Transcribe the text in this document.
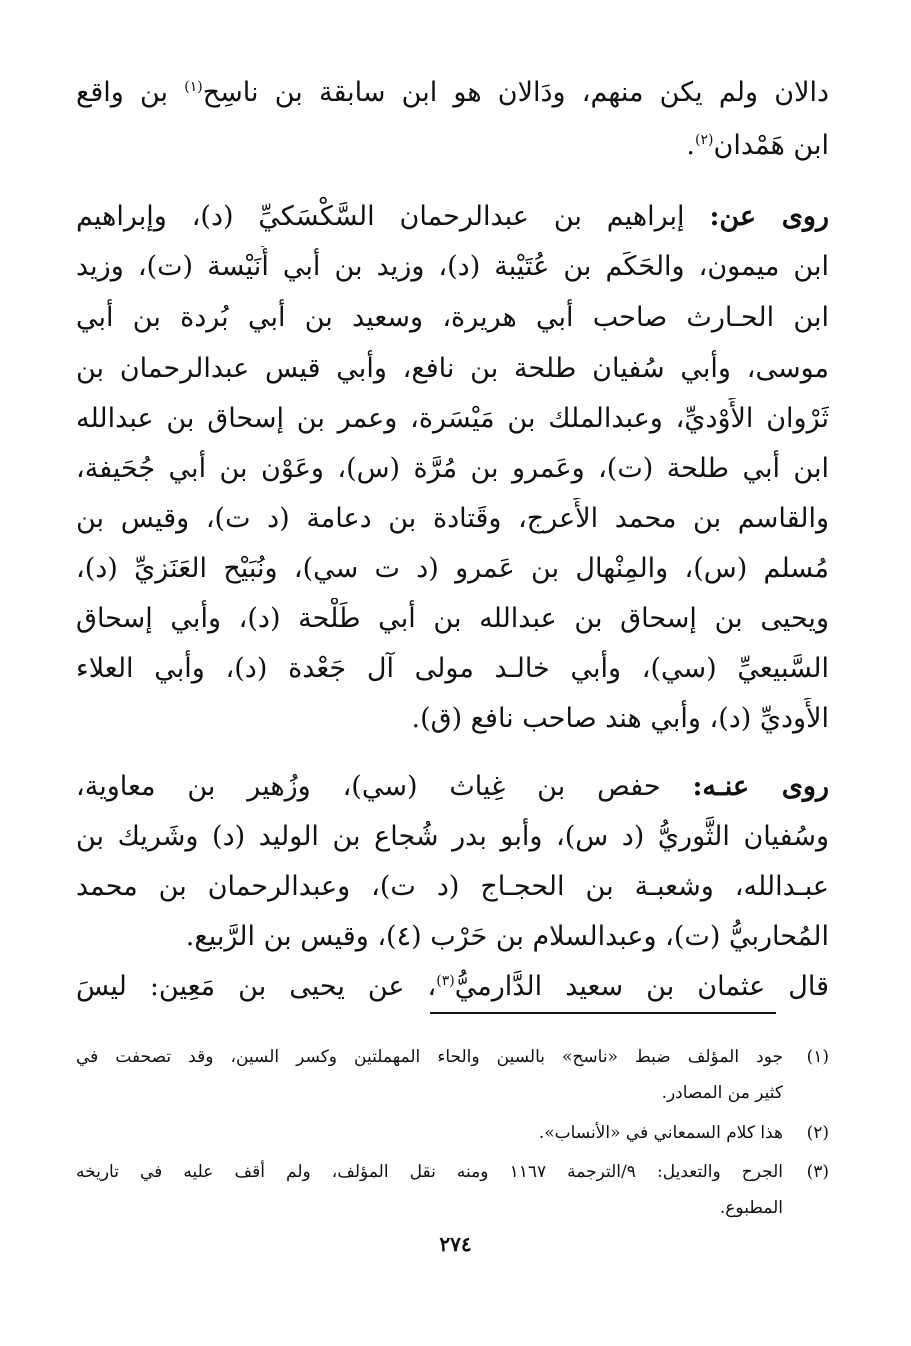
دالان ولم يكن منهم، ودَالان هو ابن سابقة بن ناسِح$^{(١)}$ بن واقع
ابن هَمْدان$^{(٢)}$.
روى عن: إبراهيم بن عبدالرحمان السَّكْسَكيِّ (د)، وإبراهيم
ابن ميمون، والحَكَم بن عُتَيْبة (د)، وزيد بن أبي أُنَيْسة (ت)، وزيد
ابن الحـارث صاحب أبي هريرة، وسعيد بن أبي بُردة بن أبي
موسى، وأبي سُفيان طلحة بن نافع، وأبي قيس عبدالرحمان بن
ثَرْوان الأَوْديِّ، وعبدالملك بن مَيْسَرة، وعمر بن إسحاق بن عبدالله
ابن أبي طلحة (ت)، وعَمرو بن مُرَّة (س)، وعَوْن بن أبي جُحَيفة،
والقاسم بن محمد الأَعرج، وقَتادة بن دعامة (د ت)، وقيس بن
مُسلم (س)، والمِنْهال بن عَمرو (د ت سي)، ونُبَيْح العَنَزيِّ (د)،
ويحيى بن إسحاق بن عبدالله بن أبي طَلْحة (د)، وأبي إسحاق
السَّبيعيِّ (سي)، وأبي خالـد مولى آل جَعْدة (د)، وأبي العلاء
الأَوديِّ (د)، وأبي هند صاحب نافع (ق).
روى عنـه: حفص بن غِياث (سي)، وزُهير بن معاوية،
وسُفيان الثَّوريُّ (د س)، وأبو بدر شُجاع بن الوليد (د) وشَريك بن
عبـدالله، وشعبـة بن الحجـاج (د ت)، وعبدالرحمان بن محمد
المُحاربيُّ (ت)، وعبدالسلام بن حَرْب (٤)، وقيس بن الرَّبيع.
قال عثمان بن سعيد الدَّارميُّ$^{(٣)}$، عن يحيى بن مَعِين: ليسَ
(١)جود المؤلف ضبط «ناسح» بالسين والحاء المهملتين وكسر السين، وقد تصحفت في
كثير من المصادر.
(٢)هذا كلام السمعاني في «الأنساب».
(٣)الجرح والتعديل: ٩/الترجمة ١١٦٧ ومنه نقل المؤلف، ولم أقف عليه في تاريخه
المطبوع.
٢٧٤
